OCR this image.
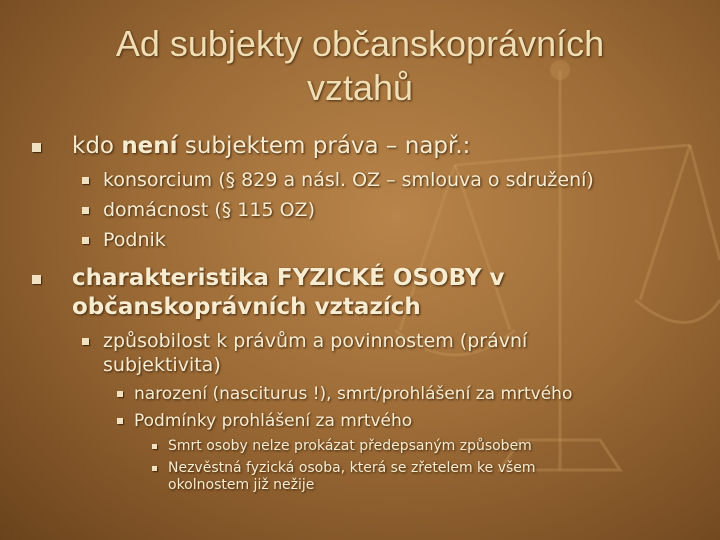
Ad subjekty občanskoprávních vztahů
kdo není subjektem práva – např.:
konsorcium (§ 829 a násl. OZ – smlouva o sdružení)
domácnost (§ 115 OZ)
Podnik
charakteristika FYZICKÉ OSOBY v občanskoprávních vztazích
způsobilost k právům a povinnostem (právní subjektivita)
narození (nasciturus !), smrt/prohlášení za mrtvého
Podmínky prohlášení za mrtvého
Smrt osoby nelze prokázat předepsaným způsobem
Nezvěstná fyzická osoba, která se zřetelem ke všem okolnostem již nežije
